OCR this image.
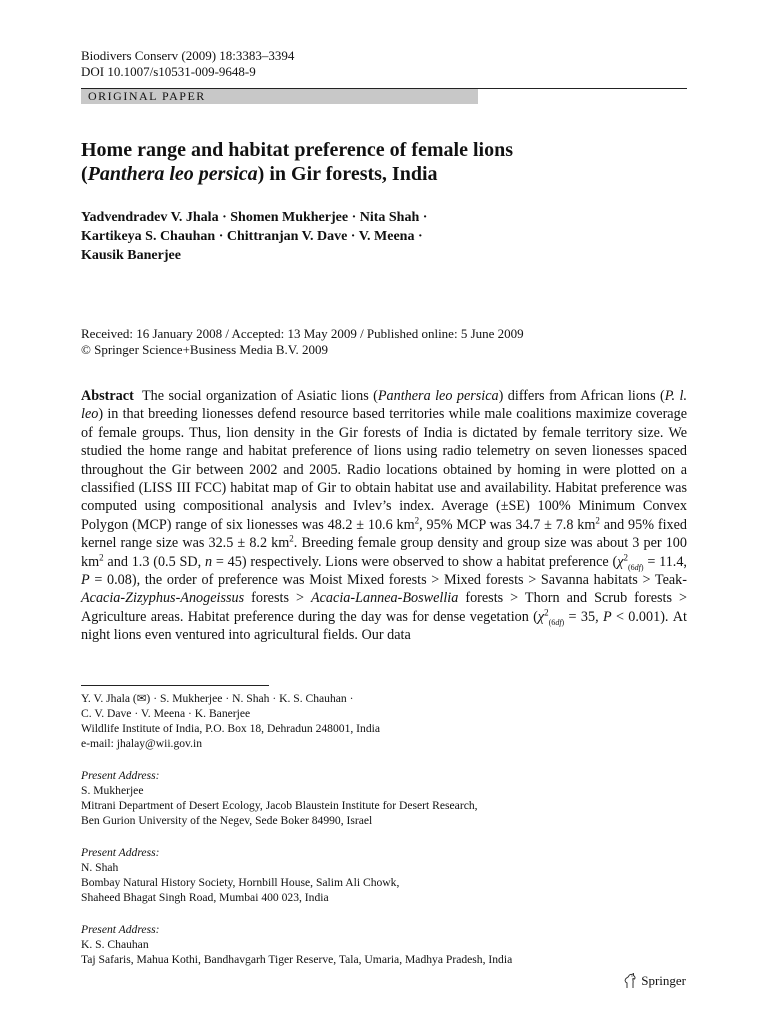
Biodivers Conserv (2009) 18:3383–3394
DOI 10.1007/s10531-009-9648-9
ORIGINAL PAPER
Home range and habitat preference of female lions
(Panthera leo persica) in Gir forests, India
Yadvendradev V. Jhala · Shomen Mukherjee · Nita Shah ·
Kartikeya S. Chauhan · Chittranjan V. Dave · V. Meena ·
Kausik Banerjee
Received: 16 January 2008 / Accepted: 13 May 2009 / Published online: 5 June 2009
© Springer Science+Business Media B.V. 2009
Abstract The social organization of Asiatic lions (Panthera leo persica) differs from African lions (P. l. leo) in that breeding lionesses defend resource based territories while male coalitions maximize coverage of female groups. Thus, lion density in the Gir forests of India is dictated by female territory size. We studied the home range and habitat preference of lions using radio telemetry on seven lionesses spaced throughout the Gir between 2002 and 2005. Radio locations obtained by homing in were plotted on a classified (LISS III FCC) habitat map of Gir to obtain habitat use and availability. Habitat preference was computed using compositional analysis and Ivlev’s index. Average (±SE) 100% Minimum Convex Polygon (MCP) range of six lionesses was 48.2 ± 10.6 $km^2$, 95% MCP was 34.7 ± 7.8 $km^2$ and 95% fixed kernel range size was 32.5 ± 8.2 $km^2$. Breeding female group density and group size was about 3 per 100 $km^2$ and 1.3 (0.5 SD, n = 45) respectively. Lions were observed to show a habitat preference ($\chi^2_{(6df)} = 11.4$, P = 0.08), the order of preference was Moist Mixed forests > Mixed forests > Savanna habitats > Teak-Acacia-Zizyphus-Anogeissus forests > Acacia-Lannea-Boswellia forests > Thorn and Scrub forests > Agriculture areas. Habitat preference during the day was for dense vegetation ($\chi^2_{(6df)} = 35$, P < 0.001). At night lions even ventured into agricultural fields. Our data
Y. V. Jhala (✉) · S. Mukherjee · N. Shah · K. S. Chauhan ·
C. V. Dave · V. Meena · K. Banerjee
Wildlife Institute of India, P.O. Box 18, Dehradun 248001, India
e-mail: jhalay@wii.gov.in
Present Address:
S. Mukherjee
Mitrani Department of Desert Ecology, Jacob Blaustein Institute for Desert Research,
Ben Gurion University of the Negev, Sede Boker 84990, Israel
Present Address:
N. Shah
Bombay Natural History Society, Hornbill House, Salim Ali Chowk,
Shaheed Bhagat Singh Road, Mumbai 400 023, India
Present Address:
K. S. Chauhan
Taj Safaris, Mahua Kothi, Bandhavgarh Tiger Reserve, Tala, Umaria, Madhya Pradesh, India
Springer
